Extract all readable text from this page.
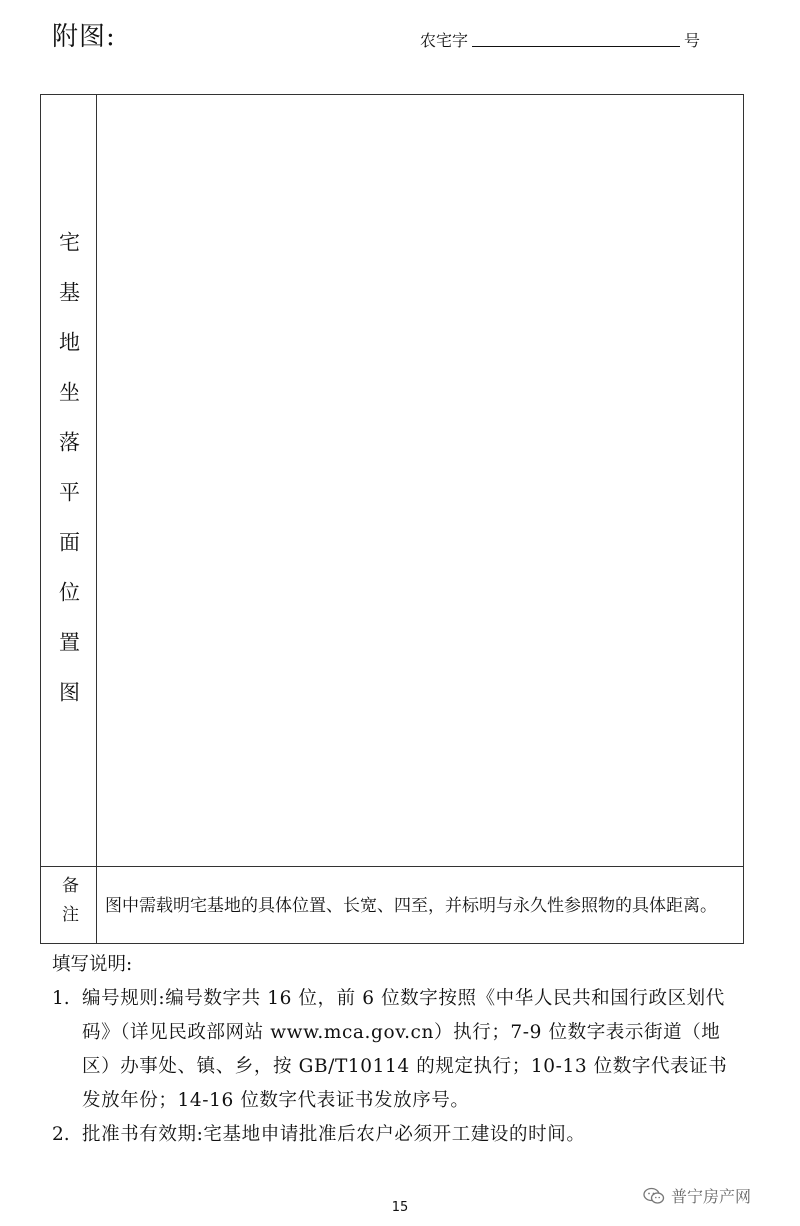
附图:	农宅字	号
宅基地坐落平面位置图	

备注	图中需载明宅基地的具体位置、长宽、四至，并标明与永久性参照物的具体距离。
填写说明:
1. 编号规则:编号数字共 16 位，前 6 位数字按照《中华人民共和国行政区划代码》（详见民政部网站 www.mca.gov.cn）执行；7-9 位数字表示街道（地区）办事处、镇、乡，按 GB/T10114 的规定执行；10-13 位数字代表证书发放年份；14-16 位数字代表证书发放序号。
2. 批准书有效期:宅基地申请批准后农户必须开工建设的时间。
普宁房产网
15
